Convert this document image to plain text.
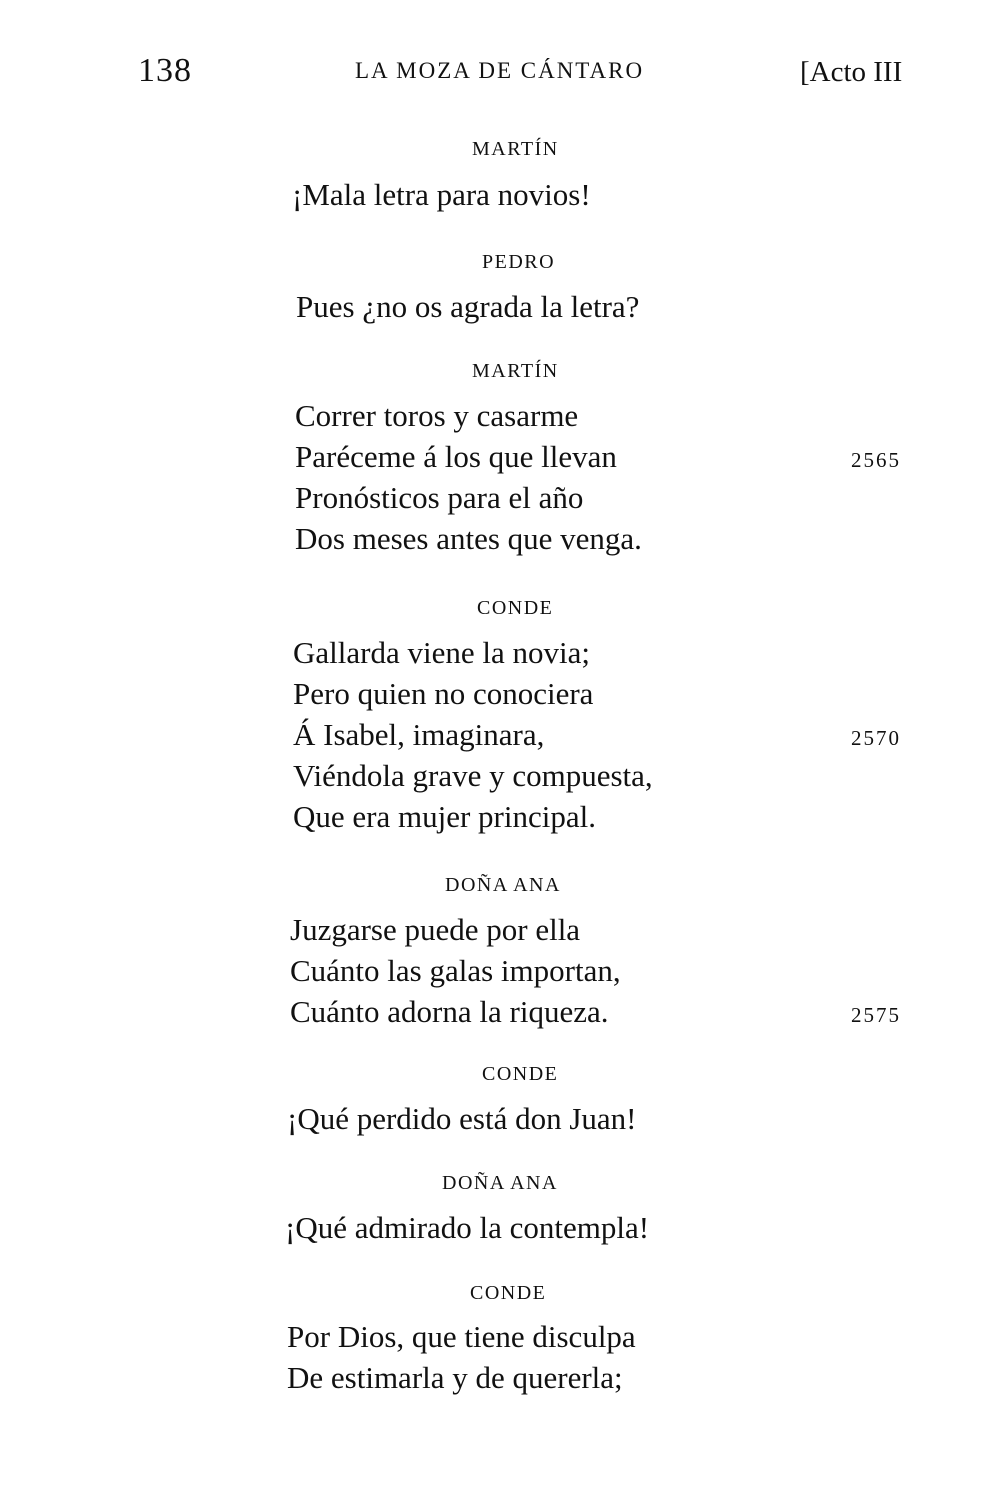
138	LA MOZA DE CÁNTARO	[Acto III
MARTÍN
¡Mala letra para novios!
PEDRO
Pues ¿no os agrada la letra?
MARTÍN
Correr toros y casarme
Paréceme á los que llevan
Pronósticos para el año
Dos meses antes que venga.
2565
CONDE
Gallarda viene la novia;
Pero quien no conociera
Á Isabel, imaginara,
Viéndola grave y compuesta,
Que era mujer principal.
2570
DOÑA ANA
Juzgarse puede por ella
Cuánto las galas importan,
Cuánto adorna la riqueza.	2575
CONDE
¡Qué perdido está don Juan!
DOÑA ANA
¡Qué admirado la contempla!
CONDE
Por Dios, que tiene disculpa
De estimarla y de quererla;
